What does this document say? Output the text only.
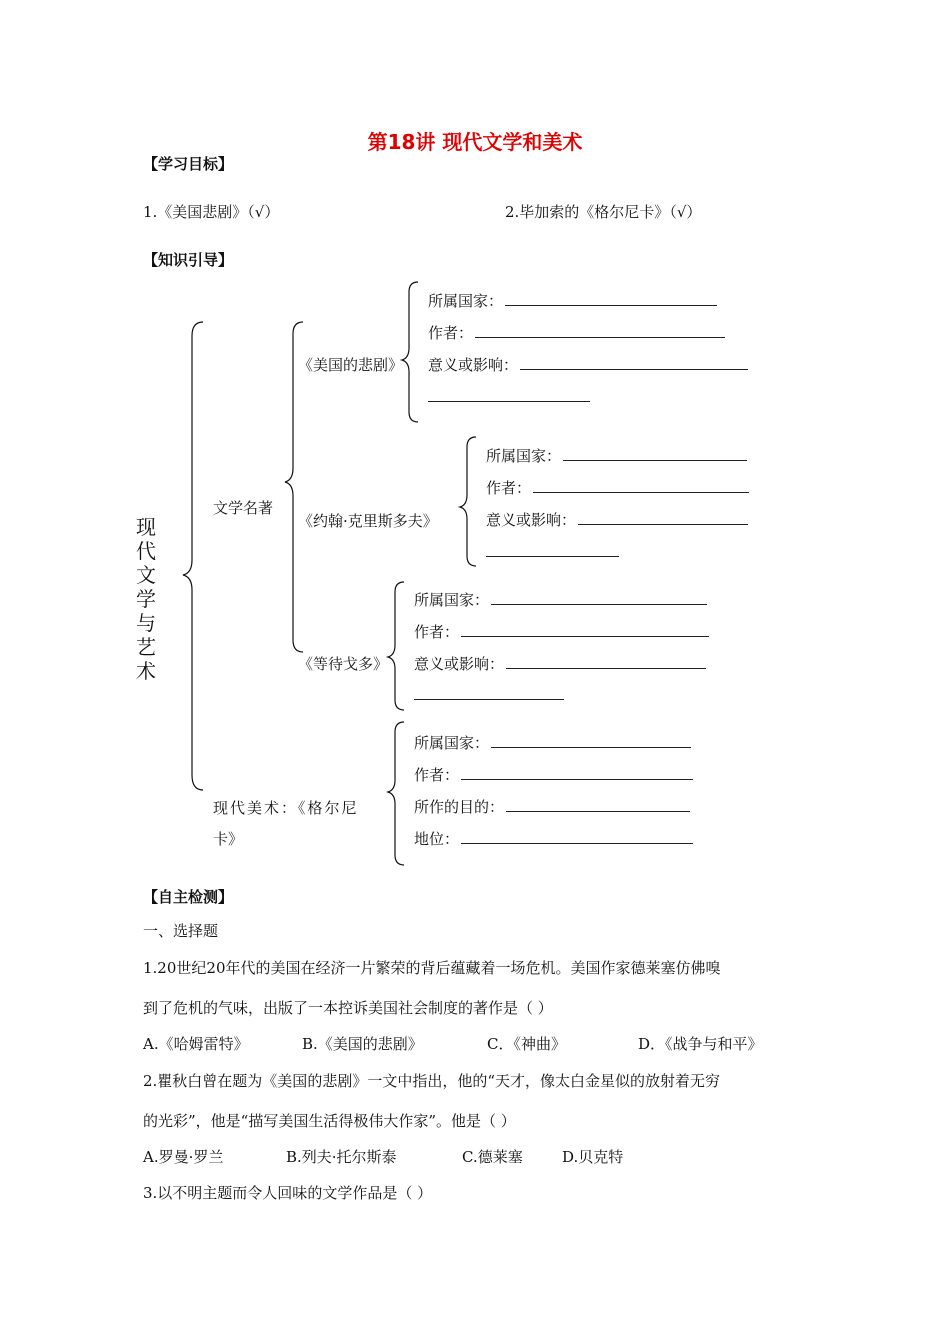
第18讲 现代文学和美术
【学习目标】
1.《美国悲剧》（√）	2.毕加索的《格尔尼卡》（√）
【知识引导】
现
代
文
学
与
艺
术
文学名著
现代美术：《格尔尼
卡》
《美国的悲剧》
所属国家：
作者：
意义或影响：
《约翰·克里斯多夫》
所属国家：
作者：
意义或影响：
《等待戈多》
所属国家：
作者：
意义或影响：
所属国家：
作者：
所作的目的：
地位：
【自主检测】
一、选择题
1.20世纪20年代的美国在经济一片繁荣的背后蕴藏着一场危机。美国作家德莱塞仿佛嗅
到了危机的气味，出版了一本控诉美国社会制度的著作是（ ）
A.《哈姆雷特》	B.《美国的悲剧》	C．《神曲》	D．《战争与和平》
2.瞿秋白曾在题为《美国的悲剧》一文中指出，他的“天才，像太白金星似的放射着无穷
的光彩”，他是“描写美国生活得极伟大作家”。他是（ ）
A.罗曼·罗兰	B.列夫·托尔斯泰	C.德莱塞	D.贝克特
3.以不明主题而令人回味的文学作品是（ ）
